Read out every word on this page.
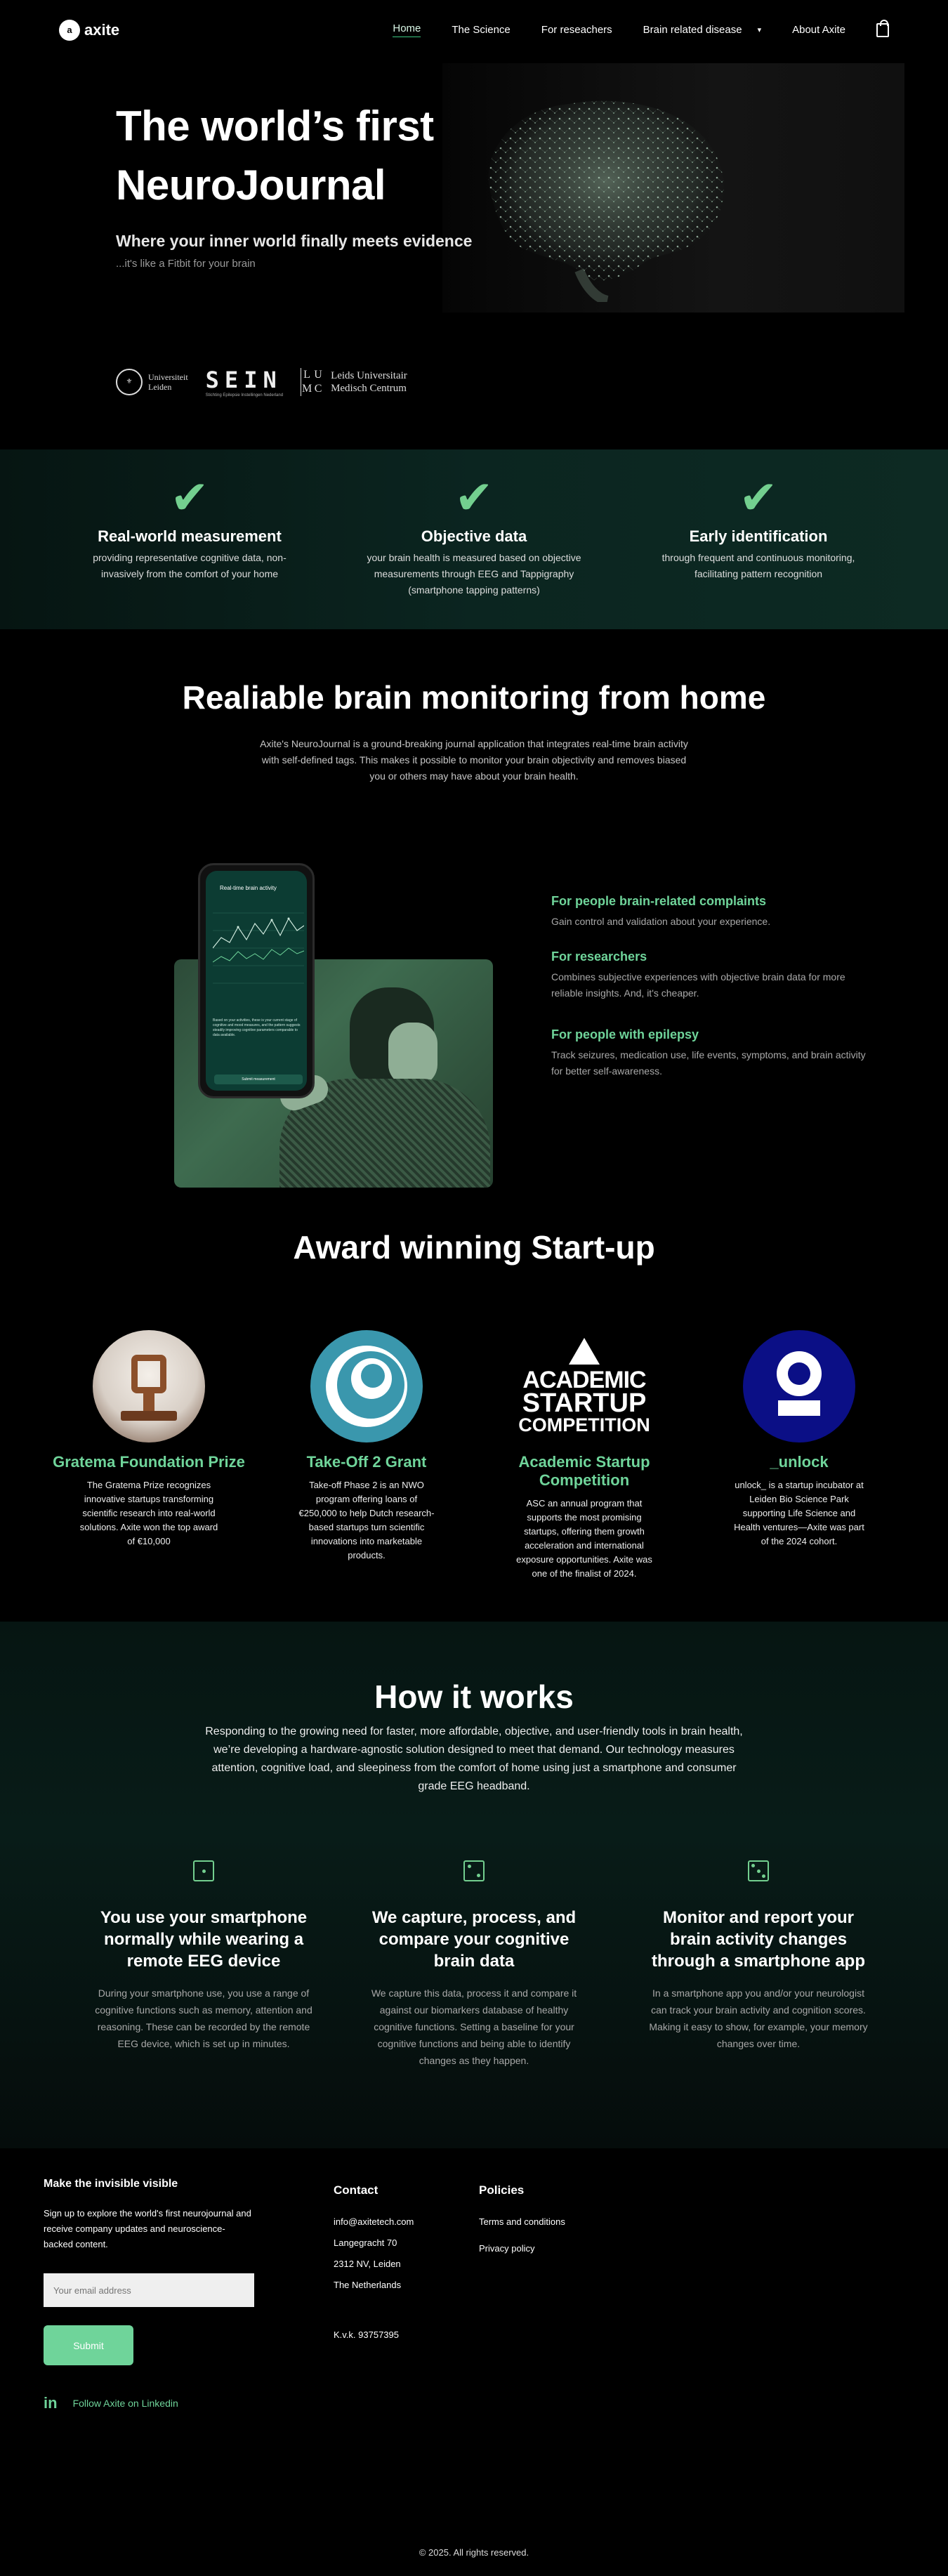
a axite	Home	The Science	For reseachers	Brain related disease ▾	About Axite
The world’s first
NeuroJournal
Where your inner world finally meets evidence
...it's like a Fitbit for your brain
⚜	Universiteit
Leiden	SEIN
Stichting Epilepsie Instellingen Nederland
L U
M C
Leids Universitair
Medisch Centrum
✔
Real-world measurement
providing representative cognitive data, non-invasively from the comfort of your home
✔
Objective data
your brain health is measured based on objective measurements through EEG and Tappigraphy (smartphone tapping patterns)
✔
Early identification
through frequent and continuous monitoring, facilitating pattern recognition
Realiable brain monitoring from home
Axite's NeuroJournal is a ground-breaking journal application that integrates real-time brain activity with self-defined tags. This makes it possible to monitor your brain objectivity and removes biased you or others may have about your brain health.
Real-time brain activity
Based on your activities, these is your current stage of cognitive and mood measures, and the pattern suggests steadily improving cognitive parameters comparable to data available.
Submit measurement
For people brain-related complaints

Gain control and validation about your experience.

For researchers

Combines subjective experiences with objective brain data for more reliable insights. And, it's cheaper.

For people with epilepsy

Track seizures, medication use, life events, symptoms, and brain activity for better self-awareness.

Award winning Start-up
Gratema Foundation Prize
The Gratema Prize recognizes innovative startups transforming scientific research into real-world solutions. Axite won the top award of €10,000
Take-Off 2 Grant
Take-off Phase 2 is an NWO program offering loans of €250,000 to help Dutch research-based startups turn scientific innovations into marketable products.
ACADEMIC
STARTUP
COMPETITION
Academic Startup Competition
ASC an annual program that supports the most promising startups, offering them growth acceleration and international exposure opportunities. Axite was one of the finalist of 2024.
_unlock
unlock_ is a startup incubator at Leiden Bio Science Park supporting Life Science and Health ventures—Axite was part of the 2024 cohort.
How it works
Responding to the growing need for faster, more affordable, objective, and user-friendly tools in brain health, we’re developing a hardware-agnostic solution designed to meet that demand. Our technology measures attention, cognitive load, and sleepiness from the comfort of home using just a smartphone and consumer grade EEG headband.
You use your smartphone normally while wearing a remote EEG device

During your smartphone use, you use a range of cognitive functions such as memory, attention and reasoning. These can be recorded by the remote EEG device, which is set up in minutes.

We capture, process, and compare your cognitive brain data

We capture this data, process it and compare it against our biomarkers database of healthy cognitive functions. Setting a baseline for your cognitive functions and being able to identify changes as they happen.

Monitor and report your brain activity changes through a smartphone app

In a smartphone app you and/or your neurologist can track your brain activity and cognition scores. Making it easy to show, for example, your memory changes over time.

Make the invisible visible
Sign up to explore the world's first neurojournal and receive company updates and neuroscience-backed content.
Your email address
Submit
in Follow Axite on Linkedin
Contact
info@axitetech.com
Langegracht 70
2312 NV, Leiden
The Netherlands
K.v.k. 93757395
Policies
Terms and conditions
Privacy policy
© 2025. All rights reserved.
